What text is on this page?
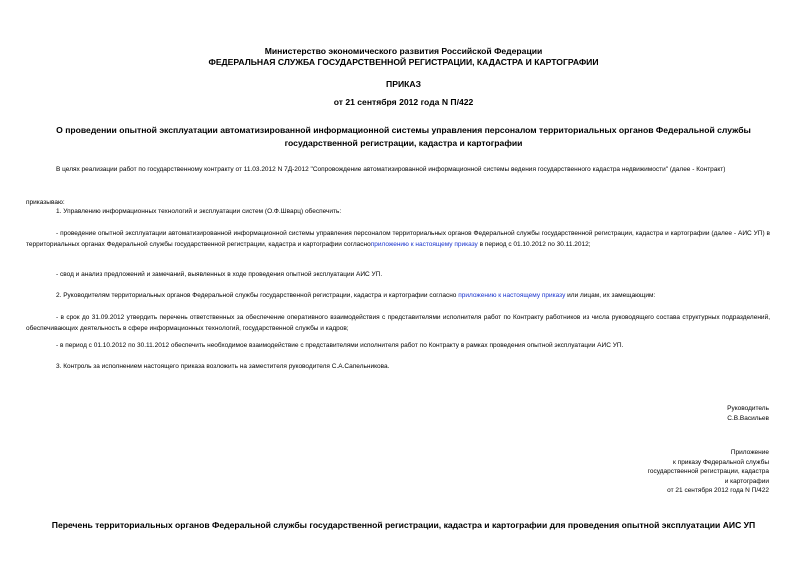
Министерство экономического развития Российской Федерации
ФЕДЕРАЛЬНАЯ СЛУЖБА ГОСУДАРСТВЕННОЙ РЕГИСТРАЦИИ, КАДАСТРА И КАРТОГРАФИИ
ПРИКАЗ
от 21 сентября 2012 года N П/422
О проведении опытной эксплуатации автоматизированной информационной системы управления персоналом территориальных органов Федеральной службы
государственной регистрации, кадастра и картографии
В целях реализации работ по государственному контракту от 11.03.2012 N 7Д-2012 "Сопровождение автоматизированной информационной системы ведения государственного кадастра недвижимости" (далее - Контракт)
приказываю:
1. Управлению информационных технологий и эксплуатации систем (О.Ф.Шварц) обеспечить:
- проведение опытной эксплуатации автоматизированной информационной системы управления персоналом территориальных органов Федеральной службы государственной регистрации, кадастра и картографии (далее - АИС УП) в территориальных органах Федеральной службы государственной регистрации, кадастра и картографии согласноприложению к настоящему приказу в период с 01.10.2012 по 30.11.2012;
- свод и анализ предложений и замечаний, выявленных в ходе проведения опытной эксплуатации АИС УП.
2. Руководителям территориальных органов Федеральной службы государственной регистрации, кадастра и картографии согласно приложению к настоящему приказу или лицам, их замещающим:
- в срок до 31.09.2012 утвердить перечень ответственных за обеспечение оперативного взаимодействия с представителями исполнителя работ по Контракту работников из числа руководящего состава структурных подразделений, обеспечивающих деятельность в сфере информационных технологий, государственной службы и кадров;
- в период с 01.10.2012 по 30.11.2012 обеспечить необходимое взаимодействие с представителями исполнителя работ по Контракту в рамках проведения опытной эксплуатации АИС УП.
3. Контроль за исполнением настоящего приказа возложить на заместителя руководителя С.А.Сапельникова.
Руководитель
С.В.Васильев
Приложение
к приказу Федеральной службы
государственной регистрации, кадастра
и картографии
от 21 сентября 2012 года N П/422
Перечень территориальных органов Федеральной службы государственной регистрации, кадастра и картографии для проведения опытной эксплуатации АИС УП
